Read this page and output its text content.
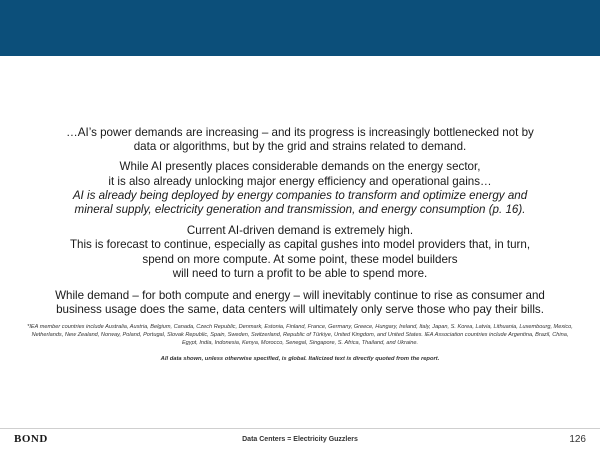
…AI’s power demands are increasing – and its progress is increasingly bottlenecked not by
data or algorithms, but by the grid and strains related to demand.

While AI presently places considerable demands on the energy sector,
it is also already unlocking major energy efficiency and operational gains…
AI is already being deployed by energy companies to transform and optimize energy and
mineral supply, electricity generation and transmission, and energy consumption (p. 16).

Current AI-driven demand is extremely high.
This is forecast to continue, especially as capital gushes into model providers that, in turn,
spend on more compute. At some point, these model builders
will need to turn a profit to be able to spend more.

While demand – for both compute and energy – will inevitably continue to rise as consumer and
business usage does the same, data centers will ultimately only serve those who pay their bills.

*IEA member countries include Australia, Austria, Belgium, Canada, Czech Republic, Denmark, Estonia, Finland, France, Germany, Greece, Hungary, Ireland, Italy, Japan, S. Korea, Latvia, Lithuania, Luxembourg, Mexico,
Netherlands, New Zealand, Norway, Poland, Portugal, Slovak Republic, Spain, Sweden, Switzerland, Republic of Türkiye, United Kingdom, and United States. IEA Association countries include Argentina, Brazil, China,
Egypt, India, Indonesia, Kenya, Morocco, Senegal, Singapore, S. Africa, Thailand, and Ukraine.
All data shown, unless otherwise specified, is global. Italicized text is directly quoted from the report.
BOND	Data Centers = Electricity Guzzlers	126
